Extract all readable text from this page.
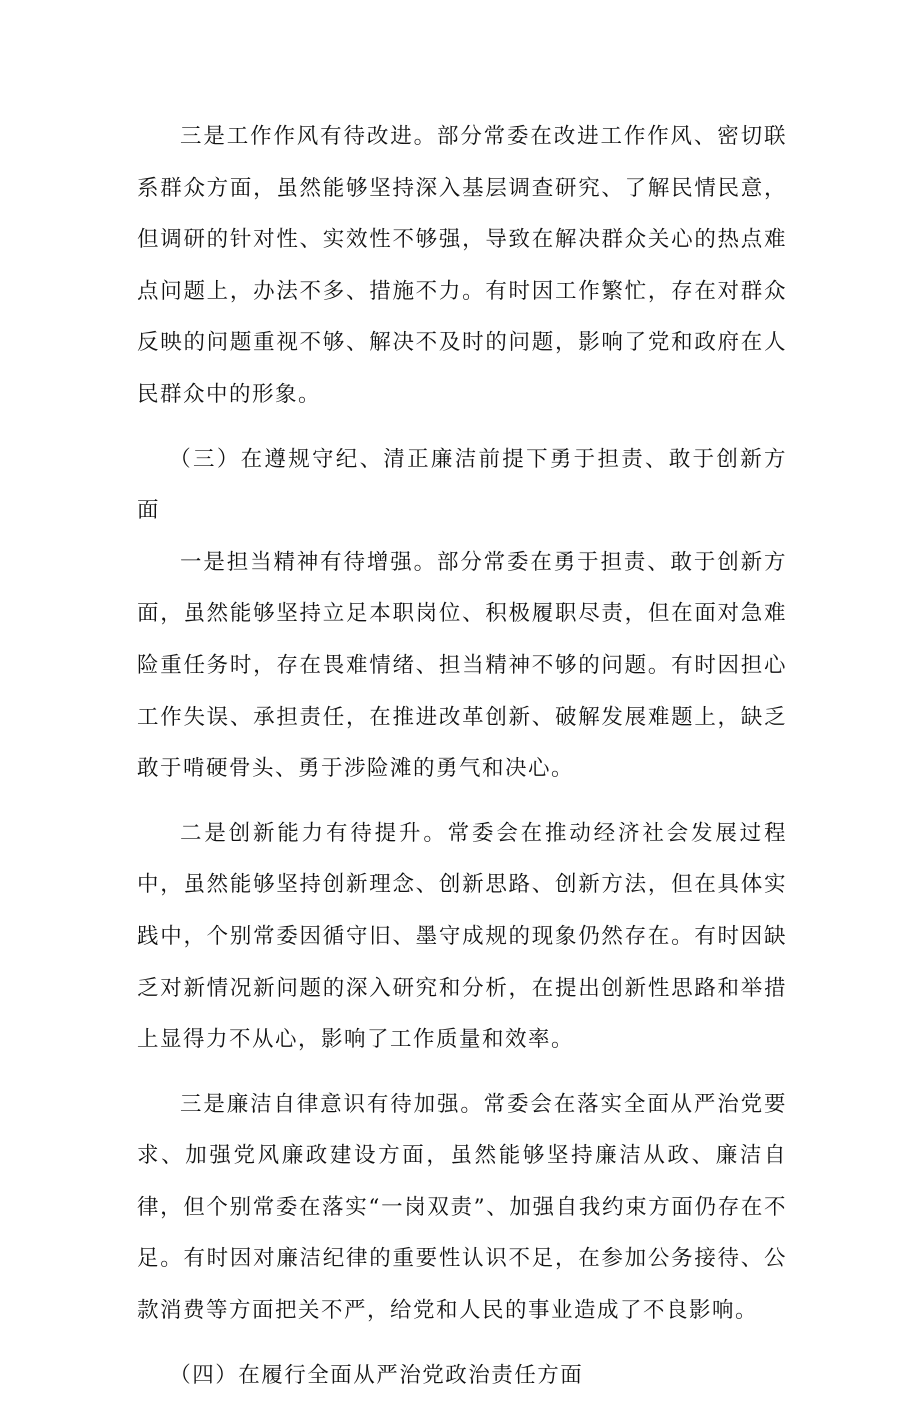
三是工作作风有待改进。部分常委在改进工作作风、密切联系群众方面，虽然能够坚持深入基层调查研究、了解民情民意，但调研的针对性、实效性不够强，导致在解决群众关心的热点难点问题上，办法不多、措施不力。有时因工作繁忙，存在对群众反映的问题重视不够、解决不及时的问题，影响了党和政府在人民群众中的形象。

（三）在遵规守纪、清正廉洁前提下勇于担责、敢于创新方面

一是担当精神有待增强。部分常委在勇于担责、敢于创新方面，虽然能够坚持立足本职岗位、积极履职尽责，但在面对急难险重任务时，存在畏难情绪、担当精神不够的问题。有时因担心工作失误、承担责任，在推进改革创新、破解发展难题上，缺乏敢于啃硬骨头、勇于涉险滩的勇气和决心。

二是创新能力有待提升。常委会在推动经济社会发展过程中，虽然能够坚持创新理念、创新思路、创新方法，但在具体实践中，个别常委因循守旧、墨守成规的现象仍然存在。有时因缺乏对新情况新问题的深入研究和分析，在提出创新性思路和举措上显得力不从心，影响了工作质量和效率。

三是廉洁自律意识有待加强。常委会在落实全面从严治党要求、加强党风廉政建设方面，虽然能够坚持廉洁从政、廉洁自律，但个别常委在落实“一岗双责”、加强自我约束方面仍存在不足。有时因对廉洁纪律的重要性认识不足，在参加公务接待、公款消费等方面把关不严，给党和人民的事业造成了不良影响。

（四）在履行全面从严治党政治责任方面
